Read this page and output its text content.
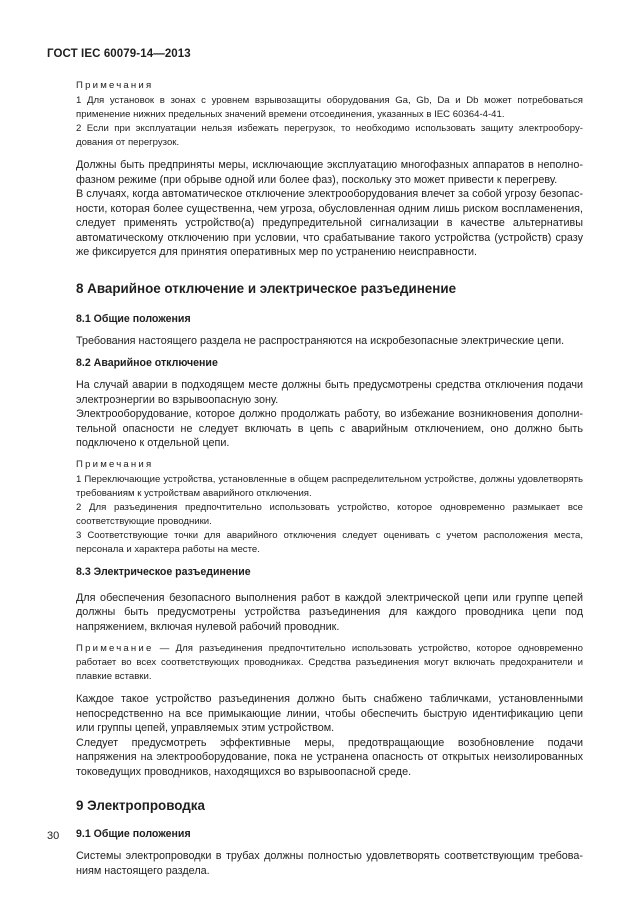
ГОСТ IEC 60079-14—2013

Примечания

1 Для установок в зонах с уровнем взрывозащиты оборудования Ga, Gb, Da и Db может потребоваться применение нижних предельных значений времени отсоединения, указанных в IEC 60364-4-41.

2 Если при эксплуатации нельзя избежать перегрузок, то необходимо использовать защиту электрооборудования от перегрузок.

Должны быть предприняты меры, исключающие эксплуатацию многофазных аппаратов в неполнофазном режиме (при обрыве одной или более фаз), поскольку это может привести к перегреву.

В случаях, когда автоматическое отключение электрооборудования влечет за собой угрозу безопасности, которая более существенна, чем угроза, обусловленная одним лишь риском воспламенения, следует применять устройство(а) предупредительной сигнализации в качестве альтернативы автоматическому отключению при условии, что срабатывание такого устройства (устройств) сразу же фиксируется для принятия оперативных мер по устранению неисправности.

8 Аварийное отключение и электрическое разъединение

8.1 Общие положения

Требования настоящего раздела не распространяются на искробезопасные электрические цепи.

8.2 Аварийное отключение

На случай аварии в подходящем месте должны быть предусмотрены средства отключения подачи электроэнергии во взрывоопасную зону.

Электрооборудование, которое должно продолжать работу, во избежание возникновения дополнительной опасности не следует включать в цепь с аварийным отключением, оно должно быть подключено к отдельной цепи.

Примечания

1 Переключающие устройства, установленные в общем распределительном устройстве, должны удовлетворять требованиям к устройствам аварийного отключения.

2 Для разъединения предпочтительно использовать устройство, которое одновременно размыкает все соответствующие проводники.

3 Соответствующие точки для аварийного отключения следует оценивать с учетом расположения места, персонала и характера работы на месте.

8.3 Электрическое разъединение

Для обеспечения безопасного выполнения работ в каждой электрической цепи или группе цепей должны быть предусмотрены устройства разъединения для каждого проводника цепи под напряжением, включая нулевой рабочий проводник.

Примечание — Для разъединения предпочтительно использовать устройство, которое одновременно работает во всех соответствующих проводниках. Средства разъединения могут включать предохранители и плавкие вставки.

Каждое такое устройство разъединения должно быть снабжено табличками, установленными непосредственно на все примыкающие линии, чтобы обеспечить быструю идентификацию цепи или группы цепей, управляемых этим устройством.

Следует предусмотреть эффективные меры, предотвращающие возобновление подачи напряжения на электрооборудование, пока не устранена опасность от открытых неизолированных токоведущих проводников, находящихся во взрывоопасной среде.

9 Электропроводка

9.1 Общие положения

Системы электропроводки в трубах должны полностью удовлетворять соответствующим требованиям настоящего раздела.

30
